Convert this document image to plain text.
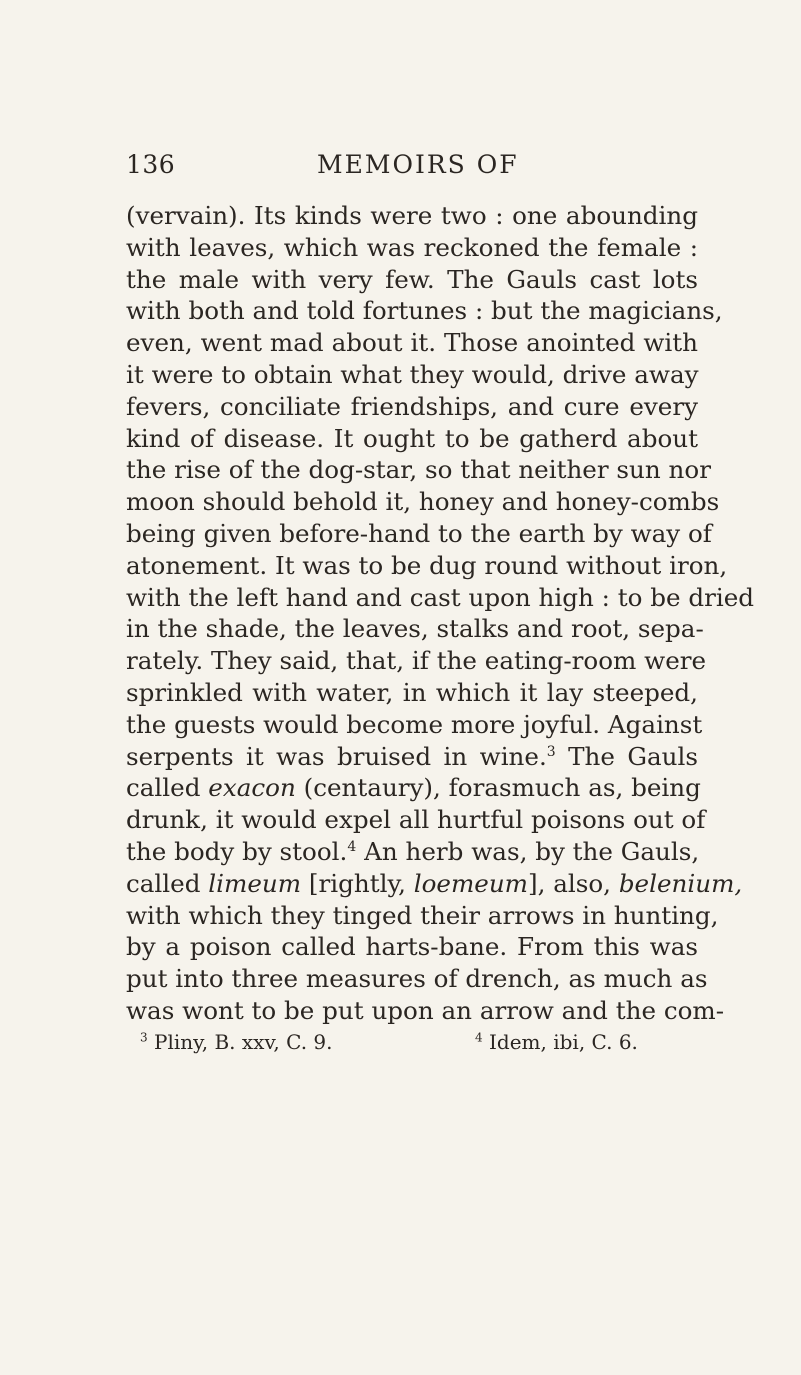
136	MEMOIRS OF
(vervain). Its kinds were two : one abounding
with leaves, which was reckoned the female :
the male with very few. The Gauls cast lots
with both and told fortunes : but the magicians,
even, went mad about it. Those anointed with
it were to obtain what they would, drive away
fevers, conciliate friendships, and cure every
kind of disease. It ought to be gatherd about
the rise of the dog-star, so that neither sun nor
moon should behold it, honey and honey-combs
being given before-hand to the earth by way of
atonement. It was to be dug round without iron,
with the left hand and cast upon high : to be dried
in the shade, the leaves, stalks and root, sepa-
rately. They said, that, if the eating-room were
sprinkled with water, in which it lay steeped,
the guests would become more joyful. Against
serpents it was bruised in wine.$^3$ The Gauls
called exacon (centaury), forasmuch as, being
drunk, it would expel all hurtful poisons out of
the body by stool.$^4$ An herb was, by the Gauls,
called limeum [rightly, loemeum], also, belenium,
with which they tinged their arrows in hunting,
by a poison called harts-bane. From this was
put into three measures of drench, as much as
was wont to be put upon an arrow and the com-
$^3$ Pliny, B. xxv, C. 9.	$^4$ Idem, ibi, C. 6.
